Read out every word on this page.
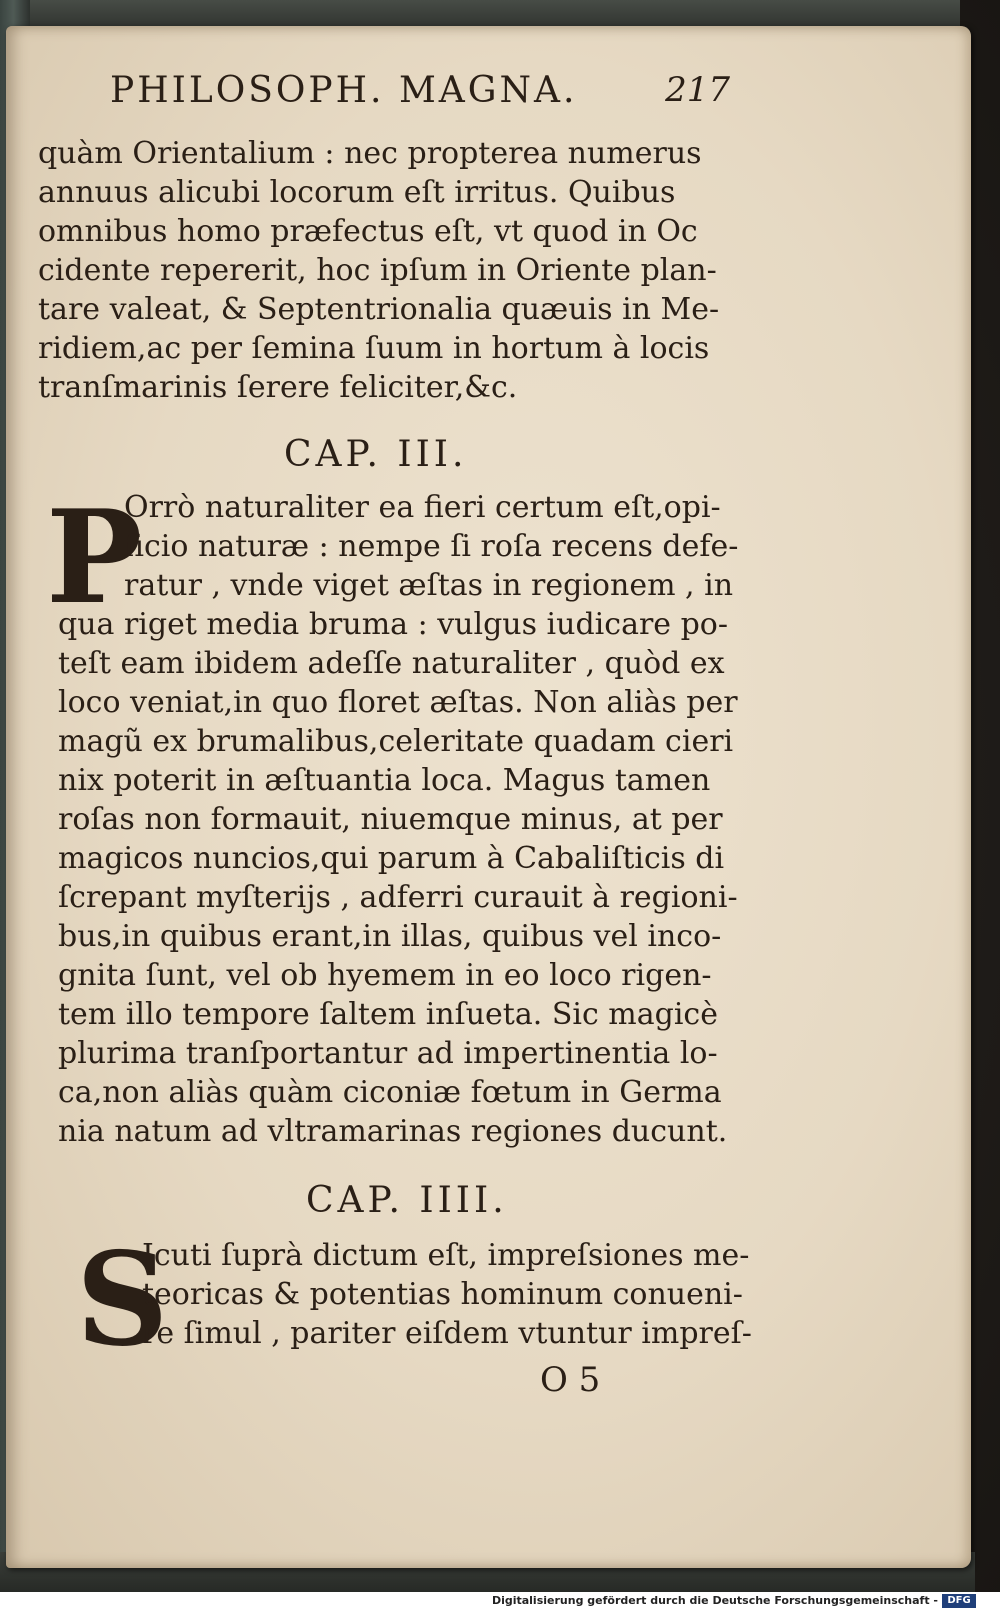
PHILOSOPH. MAGNA.	217
quàm Orientalium : nec propterea numerus
annuus alicubi locorum eſt irritus. Quibus
omnibus homo præfectus eſt, vt quod in Oc
cidente repererit, hoc ipſum in Oriente plan-
tare valeat, & Septentrionalia quæuis in Me-
ridiem,ac per ſemina ſuum in hortum à locis
tranſmarinis ſerere feliciter,&c.
CAP. III.
P
Orrò naturaliter ea fieri certum eſt,opi-
ficio naturæ : nempe ſi roſa recens defe-
ratur , vnde viget æſtas in regionem , in
qua riget media bruma : vulgus iudicare po-
teſt eam ibidem adeſſe naturaliter , quòd ex
loco veniat,in quo floret æſtas. Non aliàs per
magũ ex brumalibus,celeritate quadam cieri
nix poterit in æſtuantia loca. Magus tamen
roſas non formauit, niuemque minus, at per
magicos nuncios,qui parum à Cabaliſticis di
ſcrepant myſterijs , adferri curauit à regioni-
bus,in quibus erant,in illas, quibus vel inco-
gnita ſunt, vel ob hyemem in eo loco rigen-
tem illo tempore ſaltem inſueta. Sic magicè
plurima tranſportantur ad impertinentia lo-
ca,non aliàs quàm ciconiæ fœtum in Germa
nia natum ad vltramarinas regiones ducunt.
CAP. IIII.
S
Icuti ſuprà dictum eſt, impreſsiones me-
teoricas & potentias hominum conueni-
re ſimul , pariter eiſdem vtuntur impreſ-
O 5
Digitalisierung gefördert durch die Deutsche Forschungsgemeinschaft - DFG
